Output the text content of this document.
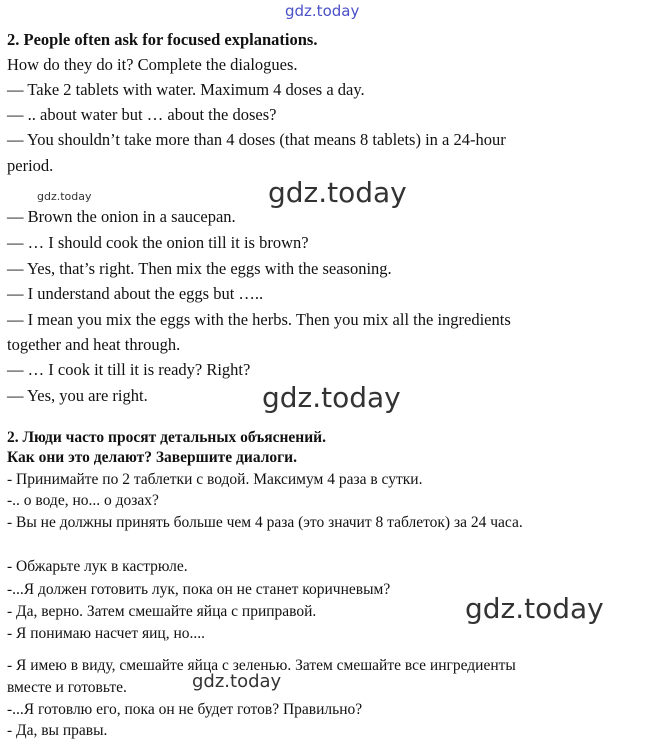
gdz.today
2. People often ask for focused explanations.
How do they do it? Complete the dialogues.
— Take 2 tablets with water. Maximum 4 doses a day.
— .. about water but … about the doses?
— You shouldn’t take more than 4 doses (that means 8 tablets) in a 24-hour
period.
gdz.today	gdz.today
— Brown the onion in a saucepan.
— … I should cook the onion till it is brown?
— Yes, that’s right. Then mix the eggs with the seasoning.
— I understand about the eggs but …..
— I mean you mix the eggs with the herbs. Then you mix all the ingredients
together and heat through.
— … I cook it till it is ready? Right?
— Yes, you are right.	gdz.today
2. Люди часто просят детальных объяснений.
Как они это делают? Завершите диалоги.
- Принимайте по 2 таблетки с водой. Максимум 4 раза в сутки.
-.. о воде, но... о дозах?
- Вы не должны принять больше чем 4 раза (это значит 8 таблеток) за 24 часа.
- Обжарьте лук в кастрюле.
-...Я должен готовить лук, пока он не станет коричневым?
- Да, верно. Затем смешайте яйца с приправой.	gdz.today
- Я понимаю насчет яиц, но....
- Я имею в виду, смешайте яйца с зеленью. Затем смешайте все ингредиенты
вместе и готовьте.	gdz.today
-...Я готовлю его, пока он не будет готов? Правильно?
- Да, вы правы.
